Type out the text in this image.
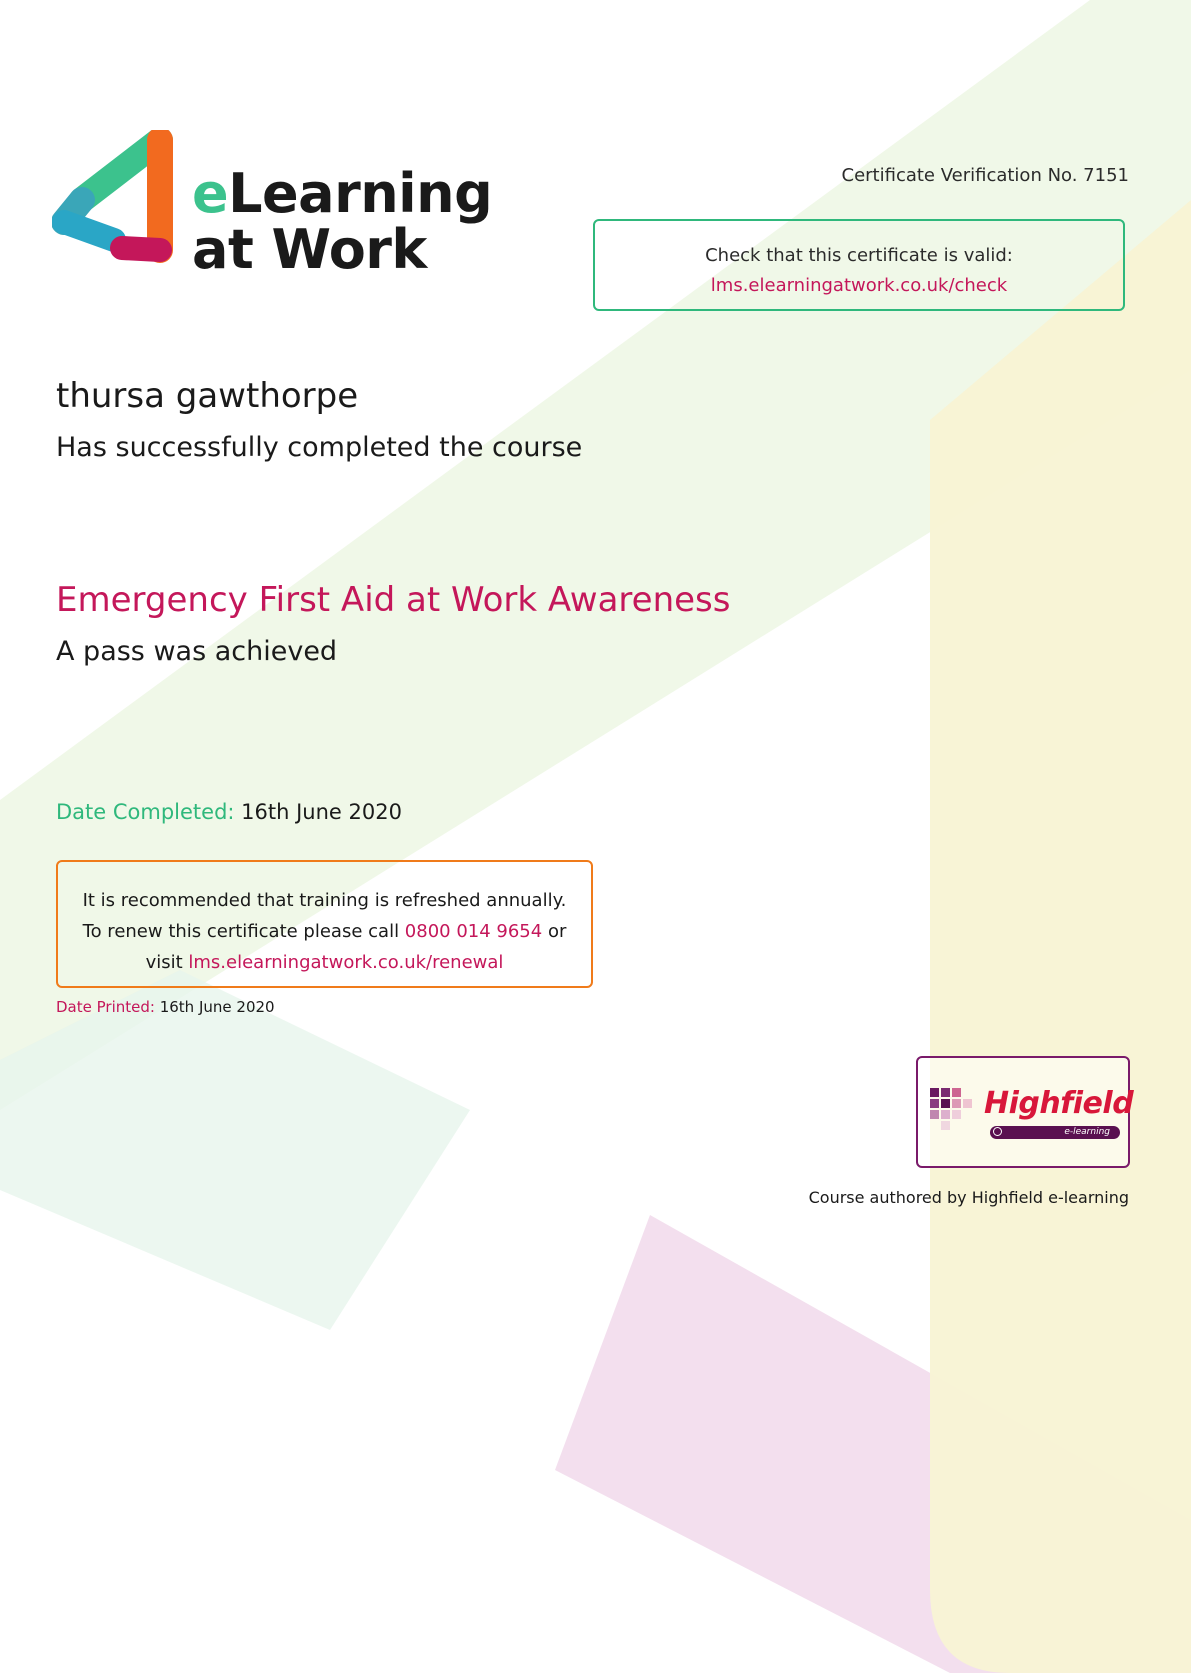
eLearning
at Work
Certificate Verification No. 7151
Check that this certificate is valid:
lms.elearningatwork.co.uk/check
thursa gawthorpe
Has successfully completed the course
Emergency First Aid at Work Awareness
A pass was achieved
Date Completed: 16th June 2020
It is recommended that training is refreshed annually.
To renew this certificate please call 0800 014 9654 or
visit lms.elearningatwork.co.uk/renewal
Date Printed: 16th June 2020
Highfield
e-learning
Course authored by Highfield e-learning
